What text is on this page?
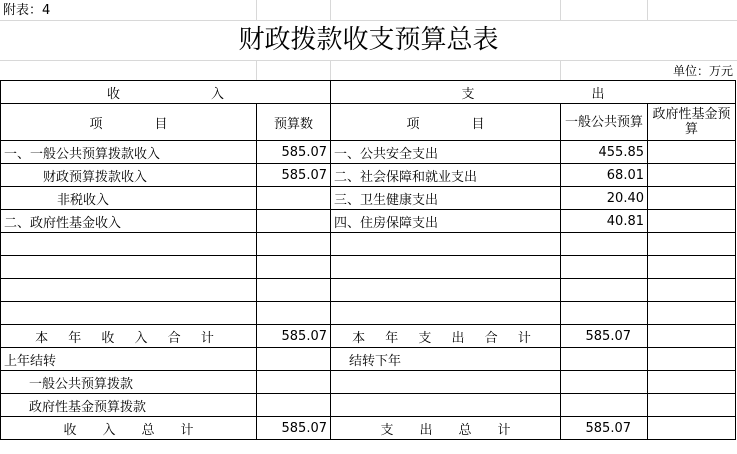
附表：4
财政拨款收支预算总表
单位：万元
收　　　　　　　入		支　　　　　　　　　出		
项　　　　目	预算数	项　　　　目	一般公共预算	政府性基金预算
一、一般公共预算拨款收入	585.07	一、公共安全支出	455.85	
财政预算拨款收入	585.07	二、社会保障和就业支出	68.01	
非税收入		三、卫生健康支出	20.40	
二、政府性基金收入		四、住房保障支出	40.81	

本 年 收 入 合 计	585.07	本 年 支 出 合 计	585.07	
上年结转		结转下年		
一般公共预算拨款				
政府性基金预算拨款				
收　　入　　总　　计	585.07	支　　出　　总　　计	585.07	
